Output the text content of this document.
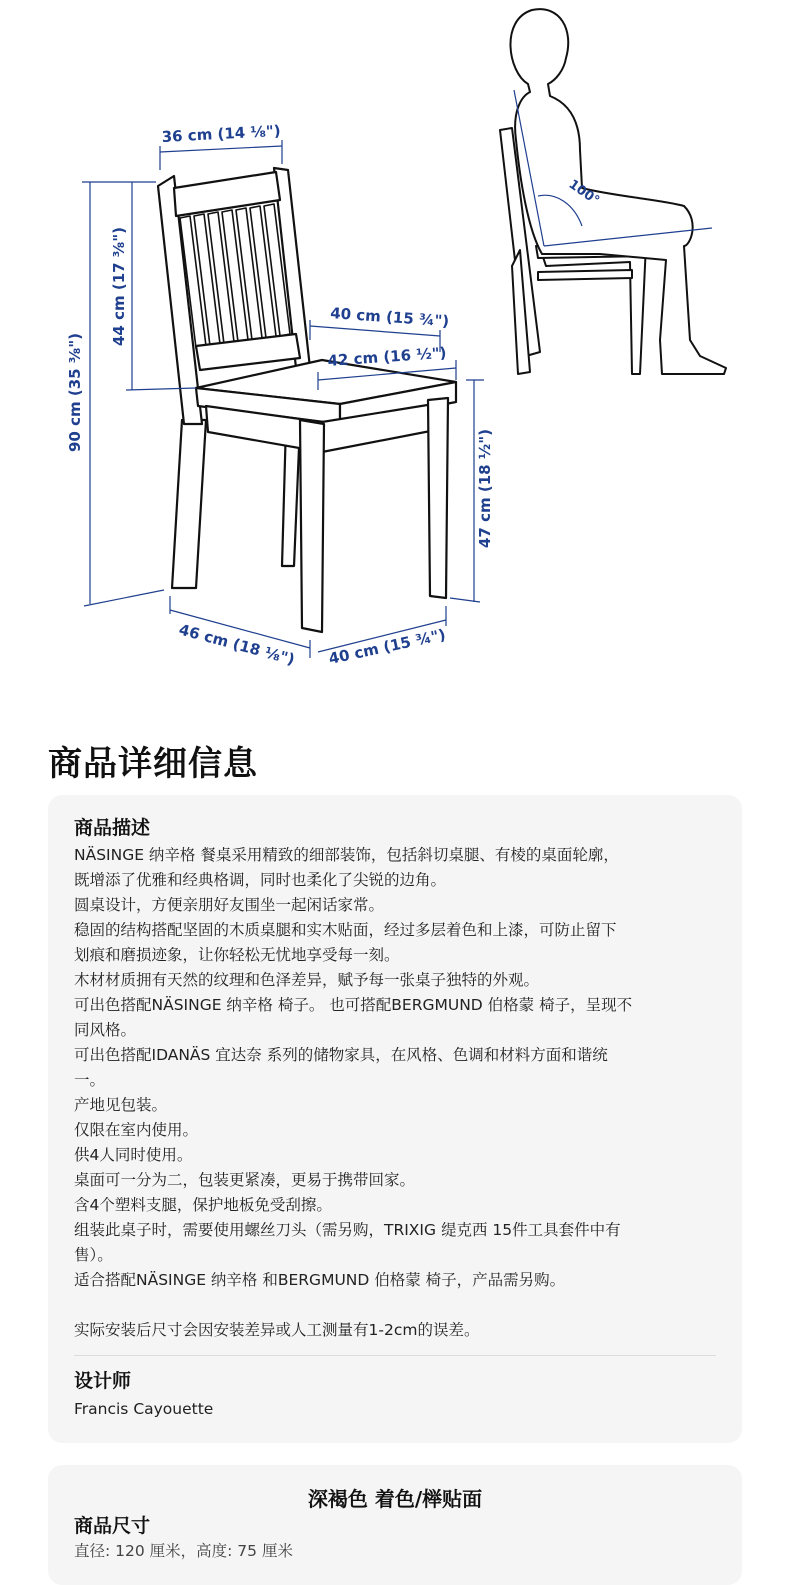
36 cm (14 ⅛")
90 cm (35 ⅜")
44 cm (17 ⅜")	40 cm (15 ¾")
42 cm (16 ½")
47 cm (18 ½")
46 cm (18 ⅛") 40 cm (15 ¾")
100°
商品详细信息
商品描述

NÄSINGE 纳辛格 餐桌采用精致的细部装饰，包括斜切桌腿、有棱的桌面轮廓，

既增添了优雅和经典格调，同时也柔化了尖锐的边角。

圆桌设计，方便亲朋好友围坐一起闲话家常。

稳固的结构搭配坚固的木质桌腿和实木贴面，经过多层着色和上漆，可防止留下

划痕和磨损迹象，让你轻松无忧地享受每一刻。

木材材质拥有天然的纹理和色泽差异，赋予每一张桌子独特的外观。

可出色搭配NÄSINGE 纳辛格 椅子。 也可搭配BERGMUND 伯格蒙 椅子，呈现不

同风格。

可出色搭配IDANÄS 宜达奈 系列的储物家具，在风格、色调和材料方面和谐统

一。

产地见包装。

仅限在室内使用。

供4人同时使用。

桌面可一分为二，包装更紧凑，更易于携带回家。

含4个塑料支腿，保护地板免受刮擦。

组装此桌子时，需要使用螺丝刀头（需另购，TRIXIG 缇克西 15件工具套件中有

售）。

适合搭配NÄSINGE 纳辛格 和BERGMUND 伯格蒙 椅子，产品需另购。

实际安装后尺寸会因安装差异或人工测量有1-2cm的误差。

设计师
Francis Cayouette
深褐色 着色/榉贴面
商品尺寸
直径: 120 厘米，高度: 75 厘米
